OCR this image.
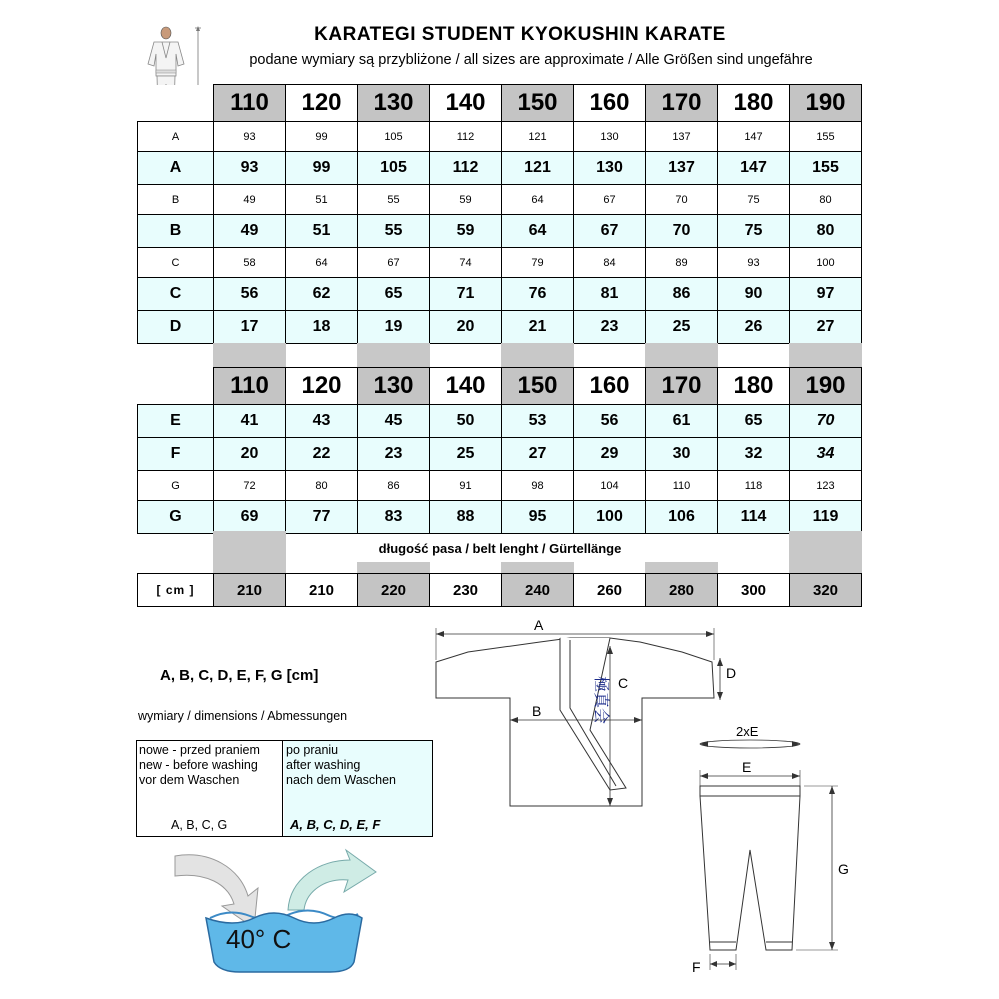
KARATEGI STUDENT KYOKUSHIN KARATE
podane wymiary są przybliżone / all sizes are approximate / Alle Größen sind ungefähre
	110	120	130	140	150	160	170	180	190
A	93	99	105	112	121	130	137	147	155
A	93	99	105	112	121	130	137	147	155
B	49	51	55	59	64	67	70	75	80
B	49	51	55	59	64	67	70	75	80
C	58	64	67	74	79	84	89	93	100
C	56	62	65	71	76	81	86	90	97
D	17	18	19	20	21	23	25	26	27
	110	120	130	140	150	160	170	180	190
E	41	43	45	50	53	56	61	65	70
F	20	22	23	25	27	29	30	32	34
G	72	80	86	91	98	104	110	118	123
G	69	77	83	88	95	100	106	114	119
długość pasa / belt lenght / Gürtellänge
[ cm ]	210	210	220	230	240	260	280	300	320
A, B, C, D, E, F, G [cm]
wymiary / dimensions / Abmessungen
nowe - przed praniem
new - before washing
vor dem Waschen
A, B, C, G
po praniu
after washing
nach dem Waschen
A, B, C, D, E, F
40° C
極真会
A
D
C
B
2xE
E
G
F
